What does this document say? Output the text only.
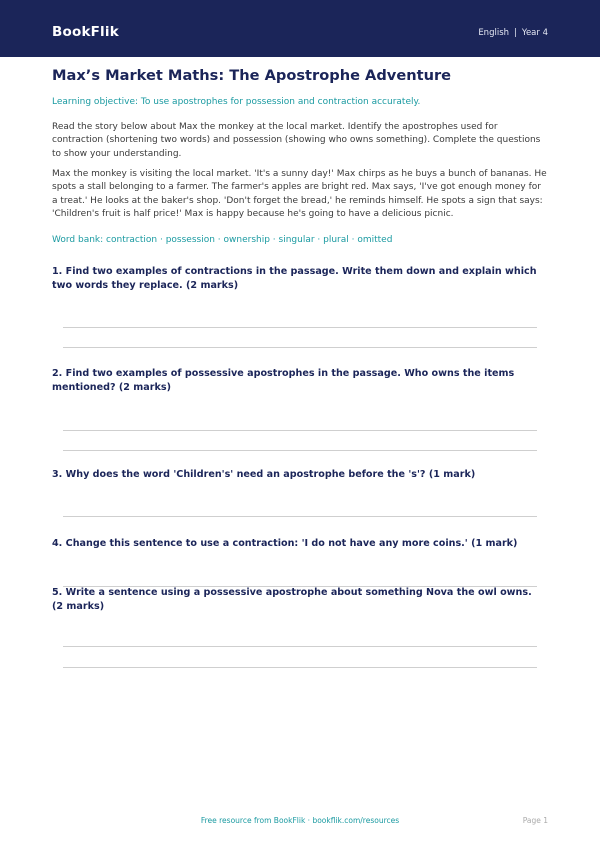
BookFlik	English | Year 4
Max’s Market Maths: The Apostrophe Adventure
Learning objective: To use apostrophes for possession and contraction accurately.
Read the story below about Max the monkey at the local market. Identify the apostrophes used for contraction (shortening two words) and possession (showing who owns something). Complete the questions to show your understanding.
Max the monkey is visiting the local market. 'It's a sunny day!' Max chirps as he buys a bunch of bananas. He spots a stall belonging to a farmer. The farmer's apples are bright red. Max says, 'I've got enough money for a treat.' He looks at the baker's shop. 'Don't forget the bread,' he reminds himself. He spots a sign that says: 'Children's fruit is half price!' Max is happy because he's going to have a delicious picnic.
Word bank: contraction · possession · ownership · singular · plural · omitted
1. Find two examples of contractions in the passage. Write them down and explain which two words they replace. (2 marks)
2. Find two examples of possessive apostrophes in the passage. Who owns the items mentioned? (2 marks)
3. Why does the word 'Children's' need an apostrophe before the 's'? (1 mark)
4. Change this sentence to use a contraction: 'I do not have any more coins.' (1 mark)
5. Write a sentence using a possessive apostrophe about something Nova the owl owns. (2 marks)
Free resource from BookFlik · bookflik.com/resources	Page 1
